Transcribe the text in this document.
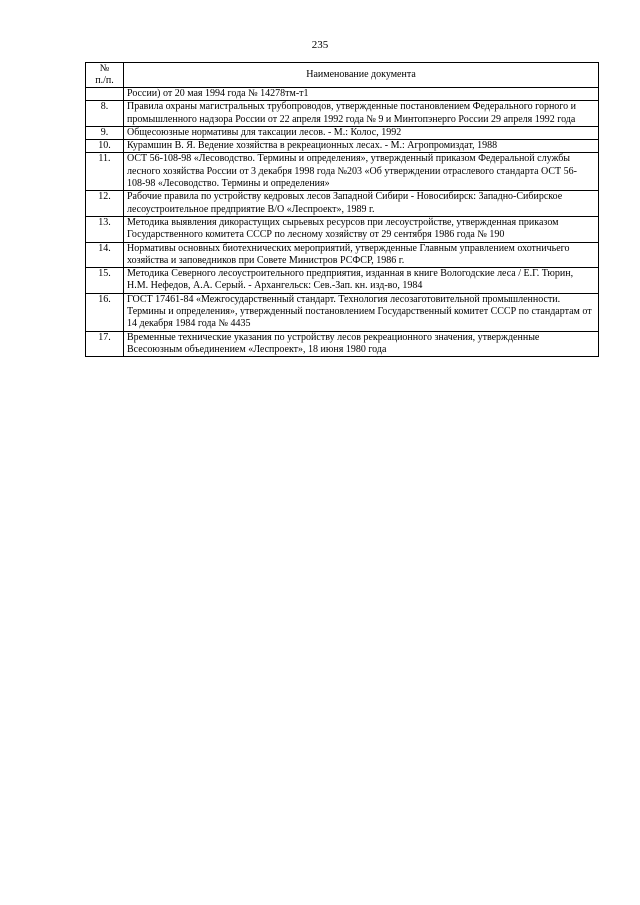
235
№
п./п.	Наименование документа
	России) от 20 мая 1994 года № 14278тм-т1
8.	Правила охраны магистральных трубопроводов, утвержденные постановлением Федерального горного и промышленного надзора России от 22 апреля 1992 года № 9 и Минтопэнерго России 29 апреля 1992 года
9.	Общесоюзные нормативы для таксации лесов. - М.: Колос, 1992
10.	Курамшин В. Я. Ведение хозяйства в рекреационных лесах. - М.: Агропромиздат, 1988
11.	ОСТ 56-108-98 «Лесоводство. Термины и определения», утвержденный приказом Федеральной службы лесного хозяйства России от 3 декабря 1998 года №203 «Об утверждении отраслевого стандарта ОСТ 56-108-98 «Лесоводство. Термины и определения»
12.	Рабочие правила по устройству кедровых лесов Западной Сибири - Новосибирск: Западно-Сибирское лесоустроительное предприятие В/О «Леспроект», 1989 г.
13.	Методика выявления дикорастущих сырьевых ресурсов при лесоустройстве, утвержденная приказом Государственного комитета СССР по лесному хозяйству от 29 сентября 1986 года № 190
14.	Нормативы основных биотехнических мероприятий, утвержденные Главным управлением охотничьего хозяйства и заповедников при Совете Министров РСФСР, 1986 г.
15.	Методика Северного лесоустроительного предприятия, изданная в книге Вологодские леса / Е.Г. Тюрин, Н.М. Нефедов, А.А. Серый. - Архангельск: Сев.-Зап. кн. изд-во, 1984
16.	ГОСТ 17461-84 «Межгосударственный стандарт. Технология лесозаготовительной промышленности. Термины и определения», утвержденный постановлением Государственный комитет СССР по стандартам от 14 декабря 1984 года № 4435
17.	Временные технические указания по устройству лесов рекреационного значения, утвержденные Всесоюзным объединением «Леспроект», 18 июня 1980 года
